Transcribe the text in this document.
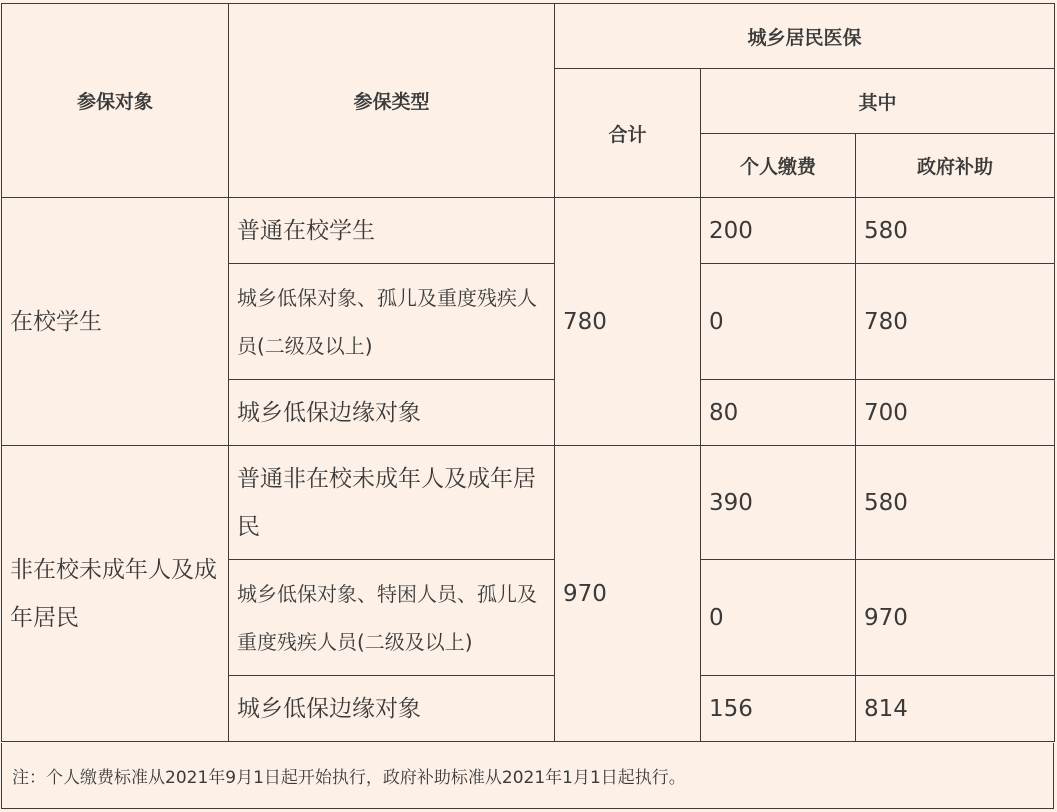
参保对象	参保类型	城乡居民医保		
		合计	其中	
			个人缴费	政府补助
在校学生	普通在校学生	780	200	580
	城乡低保对象、孤儿及重度残疾人员(二级及以上)		0	780
	城乡低保边缘对象		80	700
非在校未成年人及成年居民	普通非在校未成年人及成年居民	970	390	580
	城乡低保对象、特困人员、孤儿及重度残疾人员(二级及以上)		0	970
	城乡低保边缘对象		156	814
注：个人缴费标准从2021年9月1日起开始执行，政府补助标准从2021年1月1日起执行。
